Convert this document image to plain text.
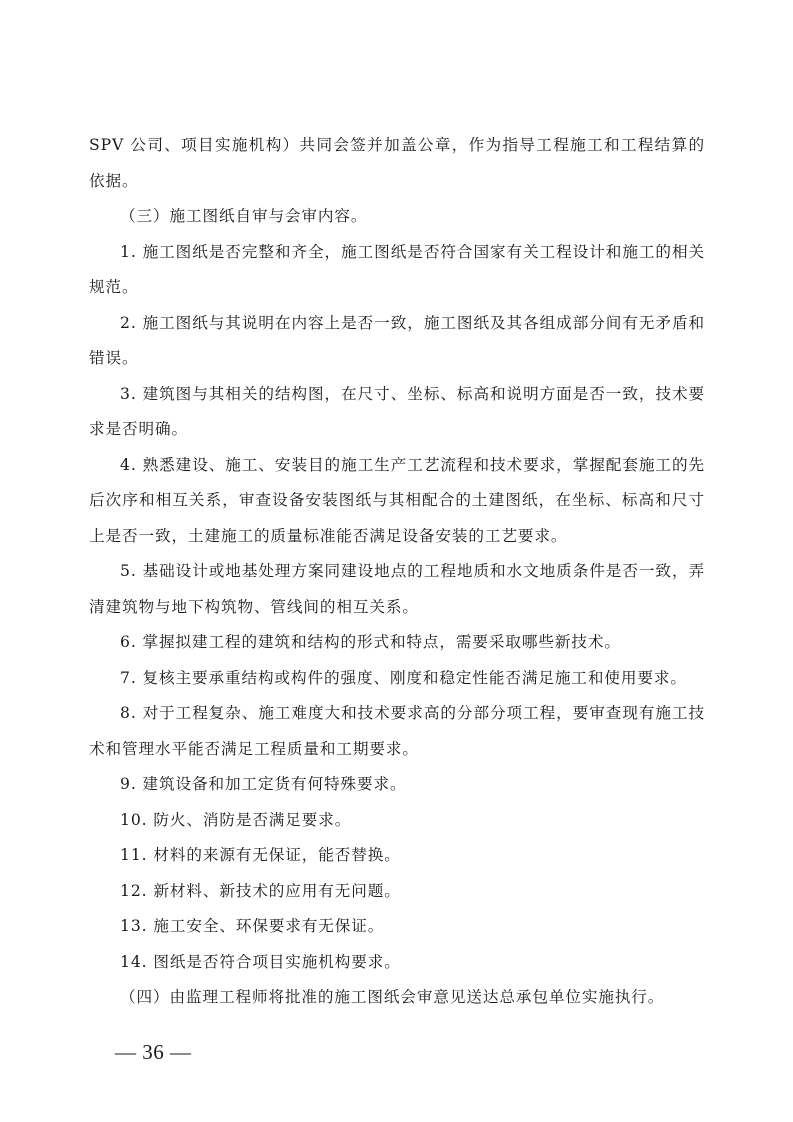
SPV 公司、项目实施机构）共同会签并加盖公章，作为指导工程施工和工程结算的依据。

（三）施工图纸自审与会审内容。

1. 施工图纸是否完整和齐全，施工图纸是否符合国家有关工程设计和施工的相关规范。

2. 施工图纸与其说明在内容上是否一致，施工图纸及其各组成部分间有无矛盾和错误。

3. 建筑图与其相关的结构图，在尺寸、坐标、标高和说明方面是否一致，技术要求是否明确。

4. 熟悉建设、施工、安装目的施工生产工艺流程和技术要求，掌握配套施工的先后次序和相互关系，审查设备安装图纸与其相配合的土建图纸，在坐标、标高和尺寸上是否一致，土建施工的质量标准能否满足设备安装的工艺要求。

5. 基础设计或地基处理方案同建设地点的工程地质和水文地质条件是否一致，弄清建筑物与地下构筑物、管线间的相互关系。

6. 掌握拟建工程的建筑和结构的形式和特点，需要采取哪些新技术。

7. 复核主要承重结构或构件的强度、刚度和稳定性能否满足施工和使用要求。

8. 对于工程复杂、施工难度大和技术要求高的分部分项工程，要审查现有施工技术和管理水平能否满足工程质量和工期要求。

9. 建筑设备和加工定货有何特殊要求。

10. 防火、消防是否满足要求。

11. 材料的来源有无保证，能否替换。

12. 新材料、新技术的应用有无问题。

13. 施工安全、环保要求有无保证。

14. 图纸是否符合项目实施机构要求。

（四）由监理工程师将批准的施工图纸会审意见送达总承包单位实施执行。

— 36 —
